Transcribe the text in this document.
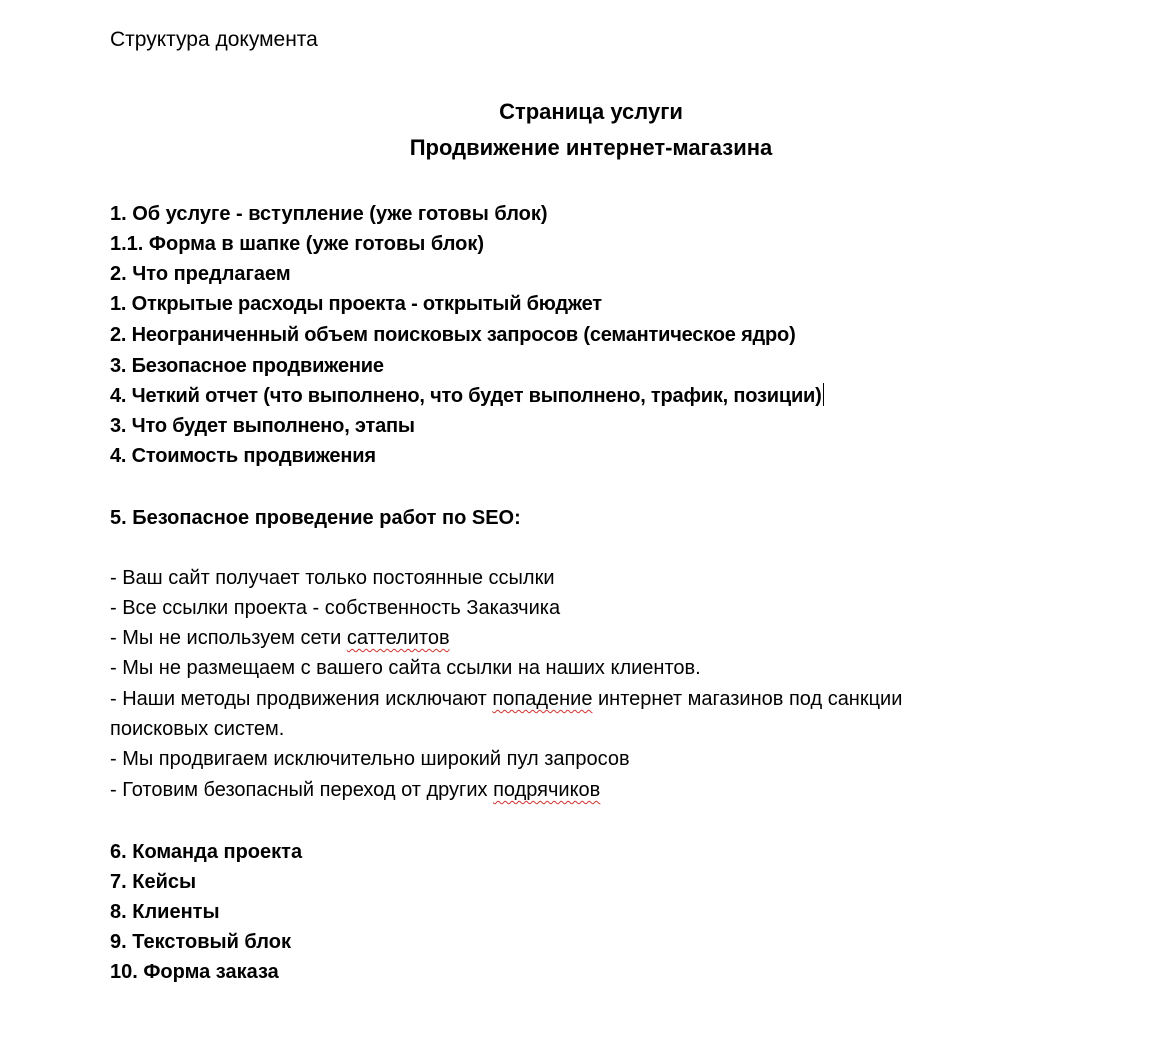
Структура документа
Страница услуги
Продвижение интернет-магазина
1. Об услуге - вступление (уже готовы блок)
1.1. Форма в шапке (уже готовы блок)
2. Что предлагаем
1. Открытые расходы проекта - открытый бюджет
2. Неограниченный объем поисковых запросов (семантическое ядро)
3. Безопасное продвижение
4. Четкий отчет (что выполнено, что будет выполнено, трафик, позиции)
3. Что будет выполнено, этапы
4. Стоимость продвижения
5. Безопасное проведение работ по SEO:
- Ваш сайт получает только постоянные ссылки
- Все ссылки проекта - собственность Заказчика
- Мы не используем сети саттелитов
- Мы не размещаем с вашего сайта ссылки на наших клиентов.
- Наши методы продвижения исключают попадение интернет магазинов под санкции
поисковых систем.
- Мы продвигаем исключительно широкий пул запросов
- Готовим безопасный переход от других подрячиков
6. Команда проекта
7. Кейсы
8. Клиенты
9. Текстовый блок
10. Форма заказа
